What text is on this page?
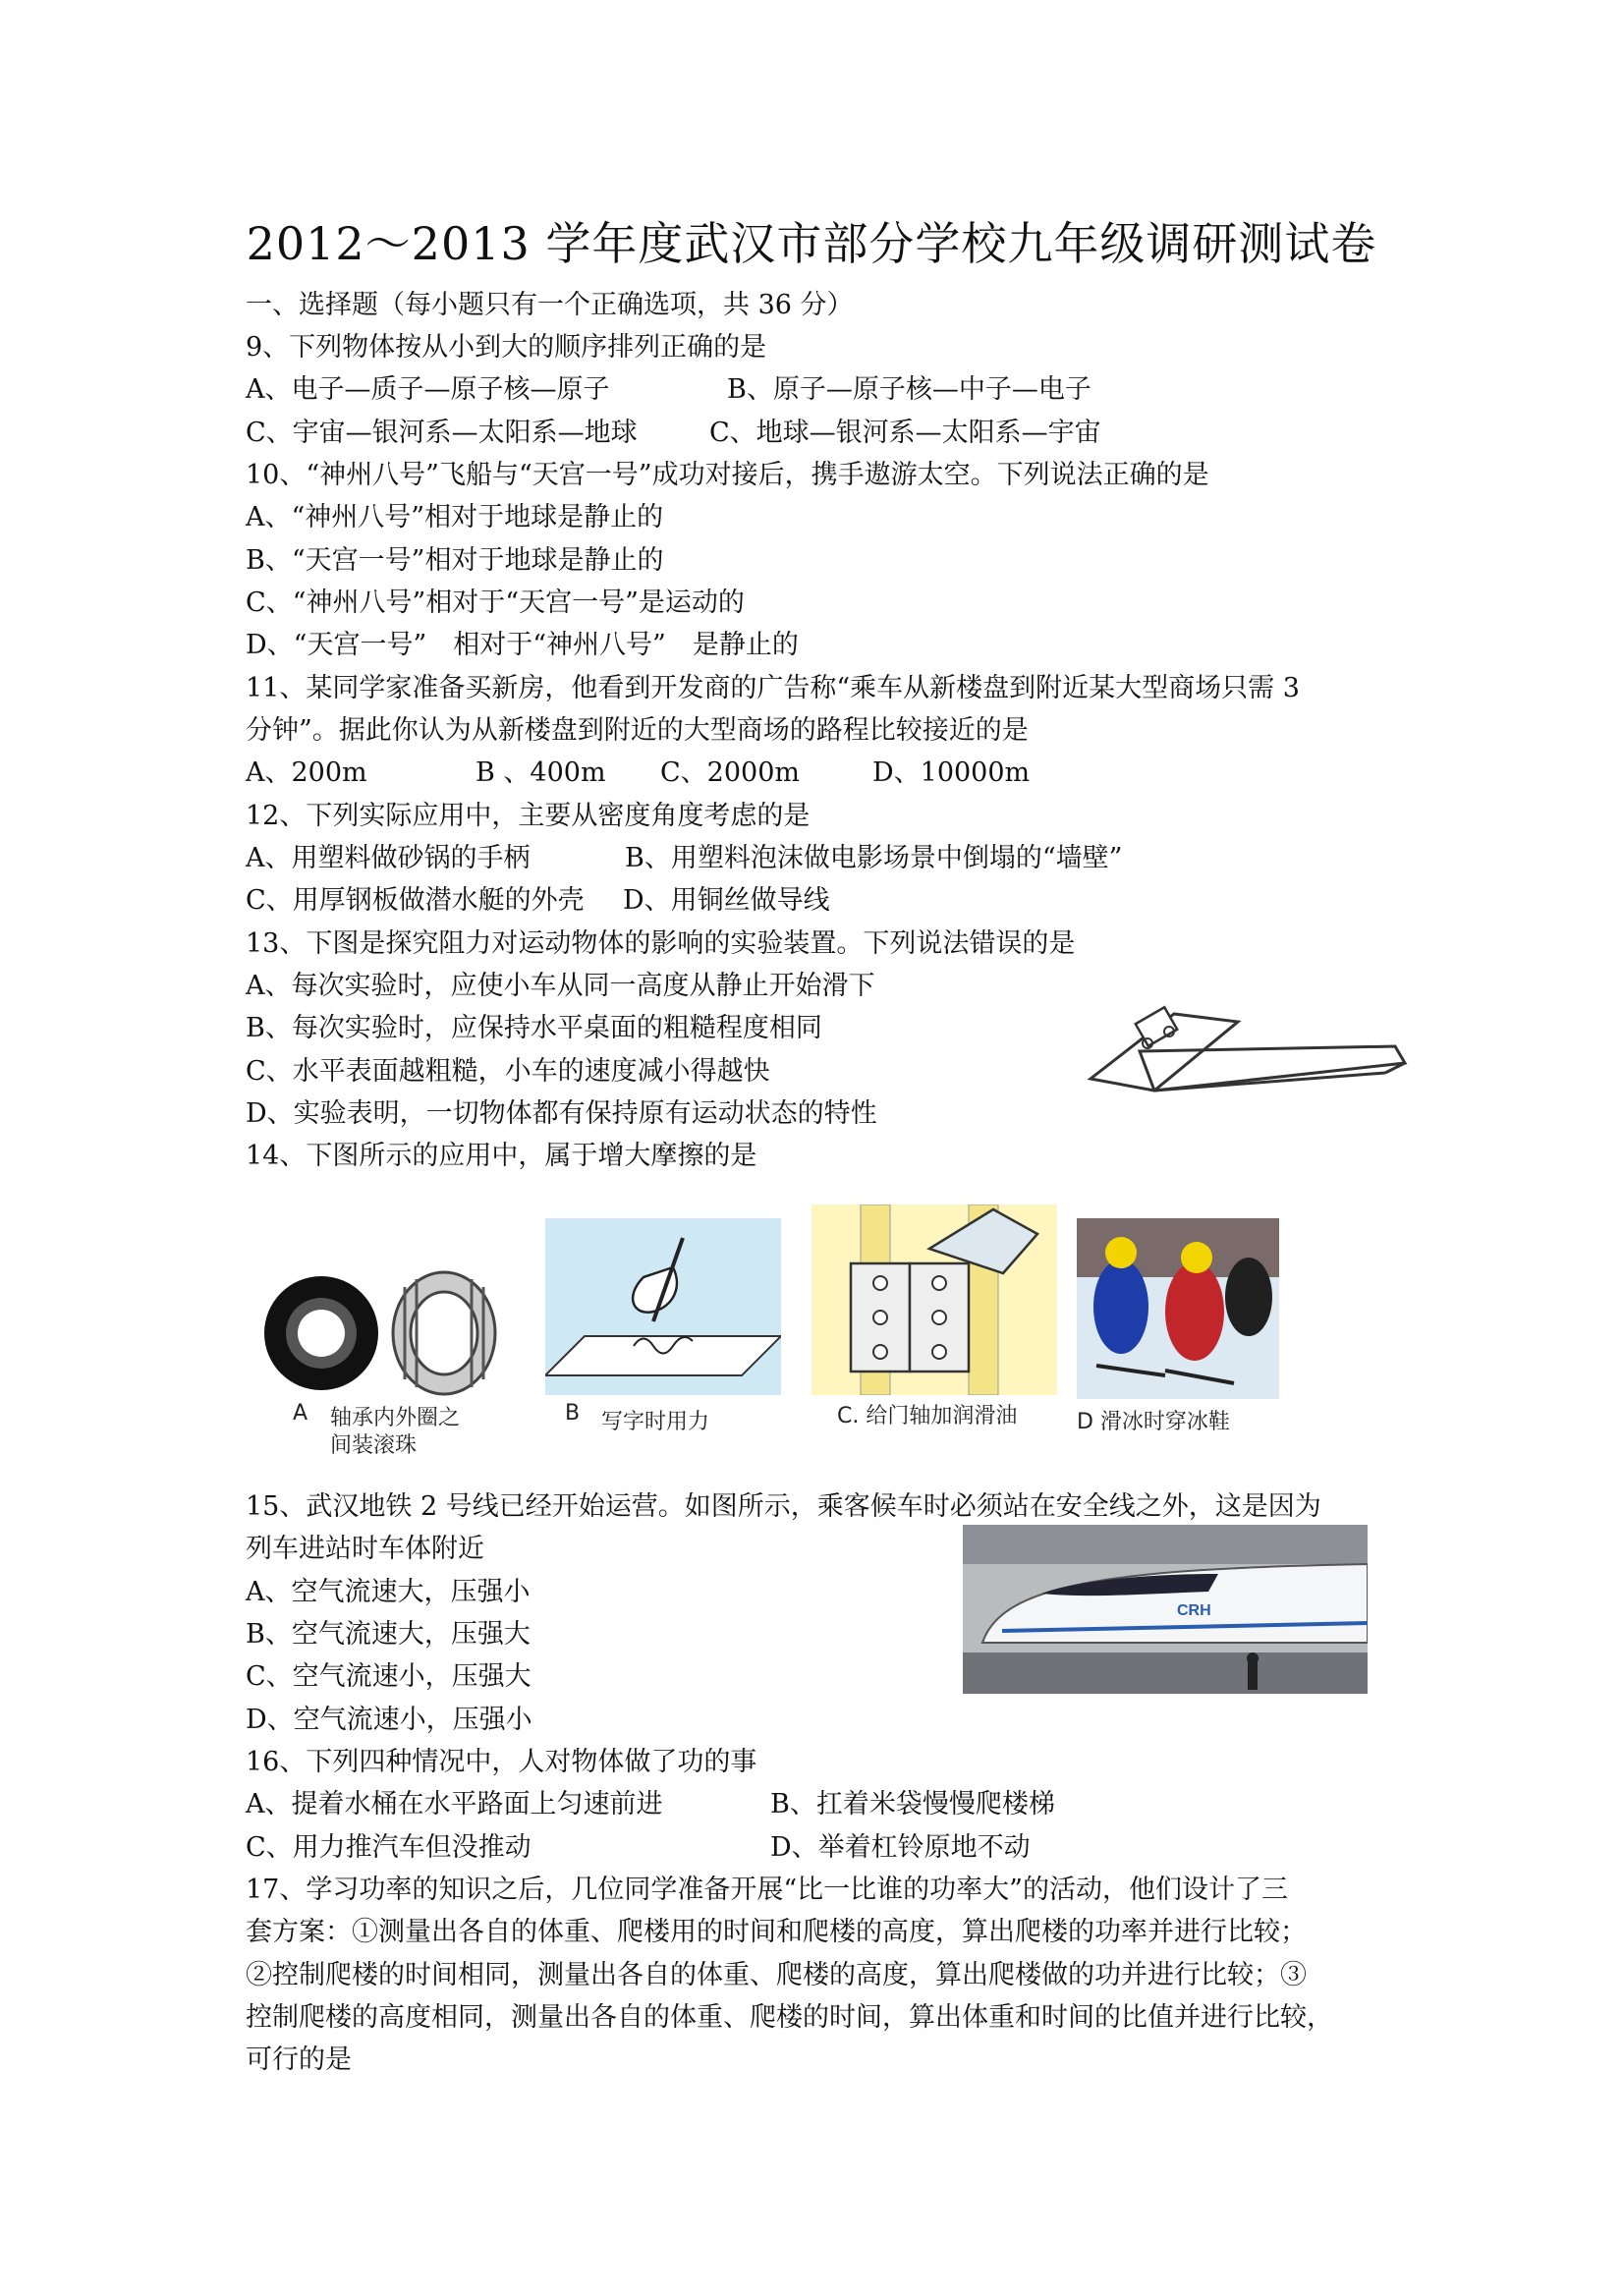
2012～2013 学年度武汉市部分学校九年级调研测试卷
一、选择题（每小题只有一个正确选项，共 36 分）
9、下列物体按从小到大的顺序排列正确的是
A、电子—质子—原子核—原子	B、原子—原子核—中子—电子
C、宇宙—银河系—太阳系—地球	C、地球—银河系—太阳系—宇宙
10、“神州八号”飞船与“天宫一号”成功对接后，携手遨游太空。下列说法正确的是
A、“神州八号”相对于地球是静止的
B、“天宫一号”相对于地球是静止的
C、“神州八号”相对于“天宫一号”是运动的
D、“天宫一号”　相对于“神州八号”　是静止的
11、某同学家准备买新房，他看到开发商的广告称“乘车从新楼盘到附近某大型商场只需 3
分钟”。据此你认为从新楼盘到附近的大型商场的路程比较接近的是
A、200m	B 、400m C、2000m	D、10000m
12、下列实际应用中，主要从密度角度考虑的是
A、用塑料做砂锅的手柄	B、用塑料泡沫做电影场景中倒塌的“墙壁”
C、用厚钢板做潜水艇的外壳 D、用铜丝做导线
13、下图是探究阻力对运动物体的影响的实验装置。下列说法错误的是
A、每次实验时，应使小车从同一高度从静止开始滑下
B、每次实验时，应保持水平桌面的粗糙程度相同
C、水平表面越粗糙，小车的速度减小得越快
D、实验表明，一切物体都有保持原有运动状态的特性
14、下图所示的应用中，属于增大摩擦的是
A 轴承内外圈之
间装滚珠
B 写字时用力	C. 给门轴加润滑油	D 滑冰时穿冰鞋
15、武汉地铁 2 号线已经开始运营。如图所示，乘客候车时必须站在安全线之外，这是因为
列车进站时车体附近
A、空气流速大，压强小
B、空气流速大，压强大
C、空气流速小，压强大
D、空气流速小，压强小
CRH
16、下列四种情况中，人对物体做了功的事
A、提着水桶在水平路面上匀速前进	B、扛着米袋慢慢爬楼梯
C、用力推汽车但没推动	D、举着杠铃原地不动
17、学习功率的知识之后，几位同学准备开展“比一比谁的功率大”的活动，他们设计了三
套方案：①测量出各自的体重、爬楼用的时间和爬楼的高度，算出爬楼的功率并进行比较；
②控制爬楼的时间相同，测量出各自的体重、爬楼的高度，算出爬楼做的功并进行比较；③
控制爬楼的高度相同，测量出各自的体重、爬楼的时间，算出体重和时间的比值并进行比较，
可行的是
